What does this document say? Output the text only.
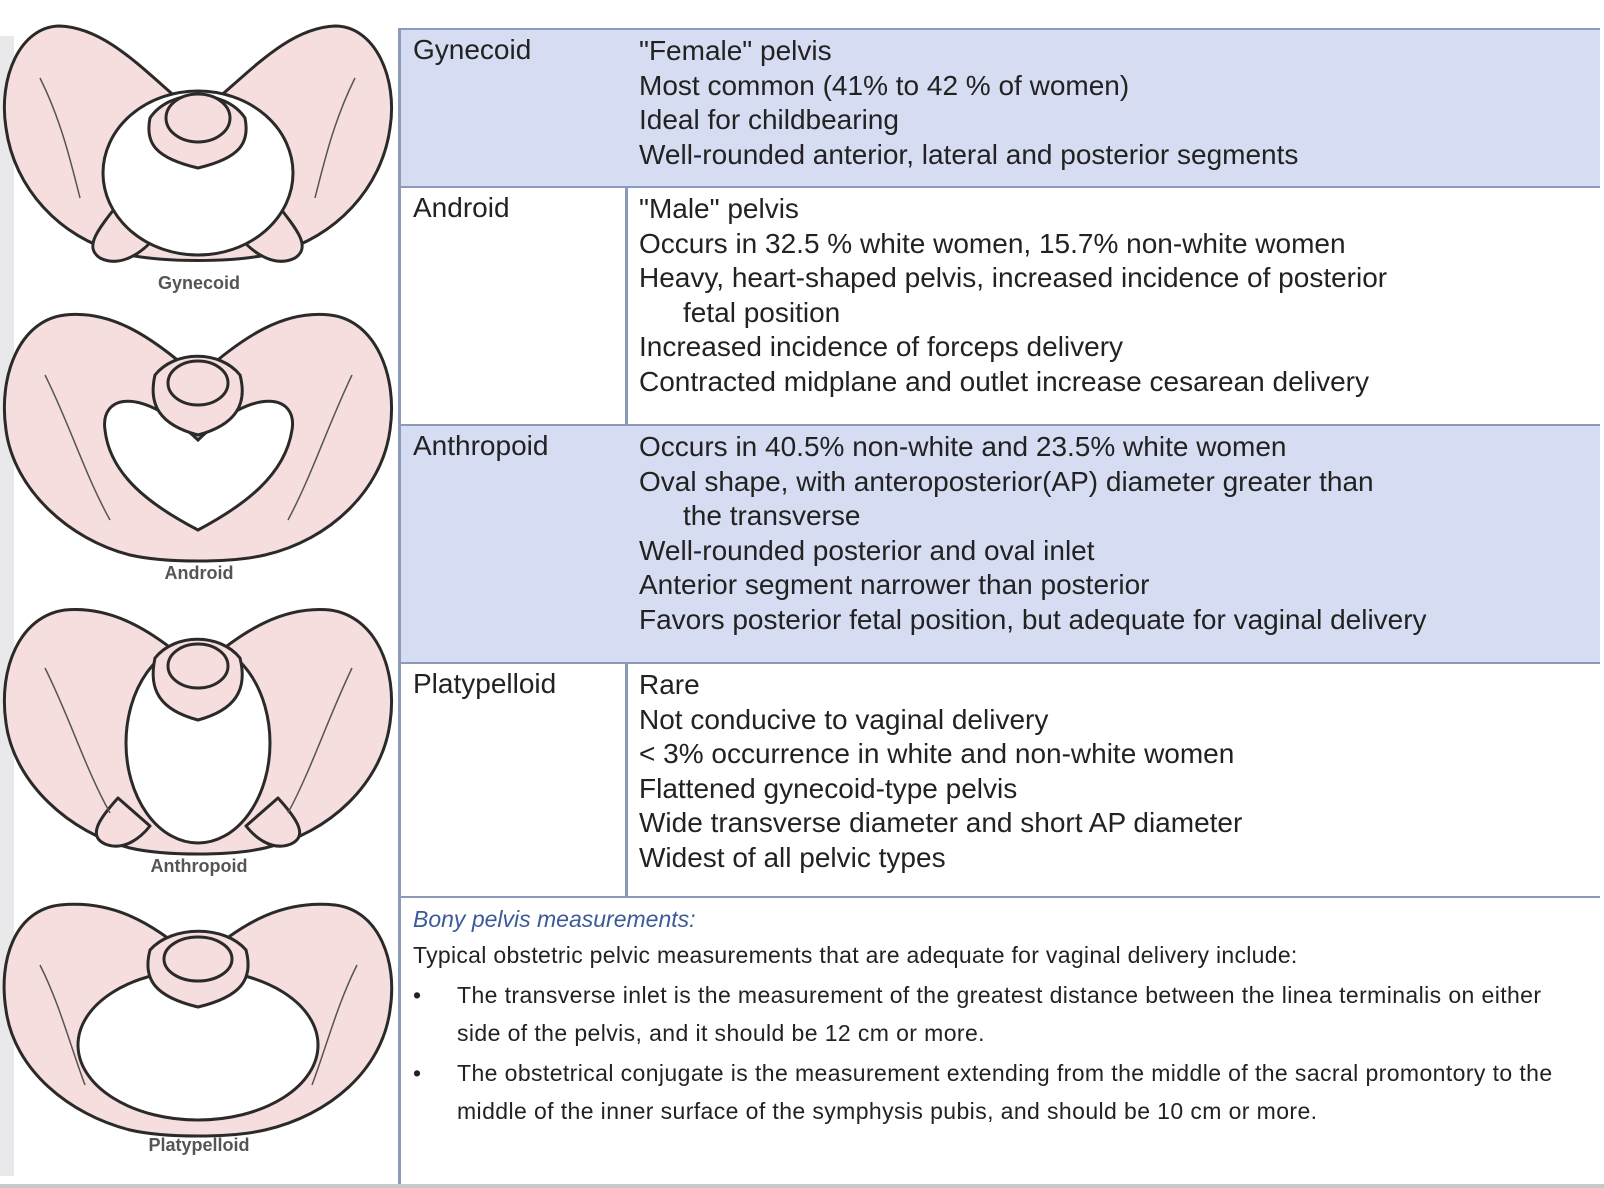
Gynecoid
Android
Anthropoid
Platypelloid
Gynecoid	"Female" pelvis
Most common (41% to 42 % of women)
Ideal for childbearing
Well-rounded anterior, lateral and posterior segments
Android	"Male" pelvis
Occurs in 32.5 % white women, 15.7% non-white women
Heavy, heart-shaped pelvis, increased incidence of posterior
fetal position
Increased incidence of forceps delivery
Contracted midplane and outlet increase cesarean delivery
Anthropoid	Occurs in 40.5% non-white and 23.5% white women
Oval shape, with anteroposterior(AP) diameter greater than
the transverse
Well-rounded posterior and oval inlet
Anterior segment narrower than posterior
Favors posterior fetal position, but adequate for vaginal delivery
Platypelloid	Rare
Not conducive to vaginal delivery
< 3% occurrence in white and non-white women
Flattened gynecoid-type pelvis
Wide transverse diameter and short AP diameter
Widest of all pelvic types
Bony pelvis measurements:
Typical obstetric pelvic measurements that are adequate for vaginal delivery include:
• The transverse inlet is the measurement of the greatest distance between the linea terminalis on either side of the pelvis, and it should be 12 cm or more.
• The obstetrical conjugate is the measurement extending from the middle of the sacral promontory to the middle of the inner surface of the symphysis pubis, and should be 10 cm or more.
